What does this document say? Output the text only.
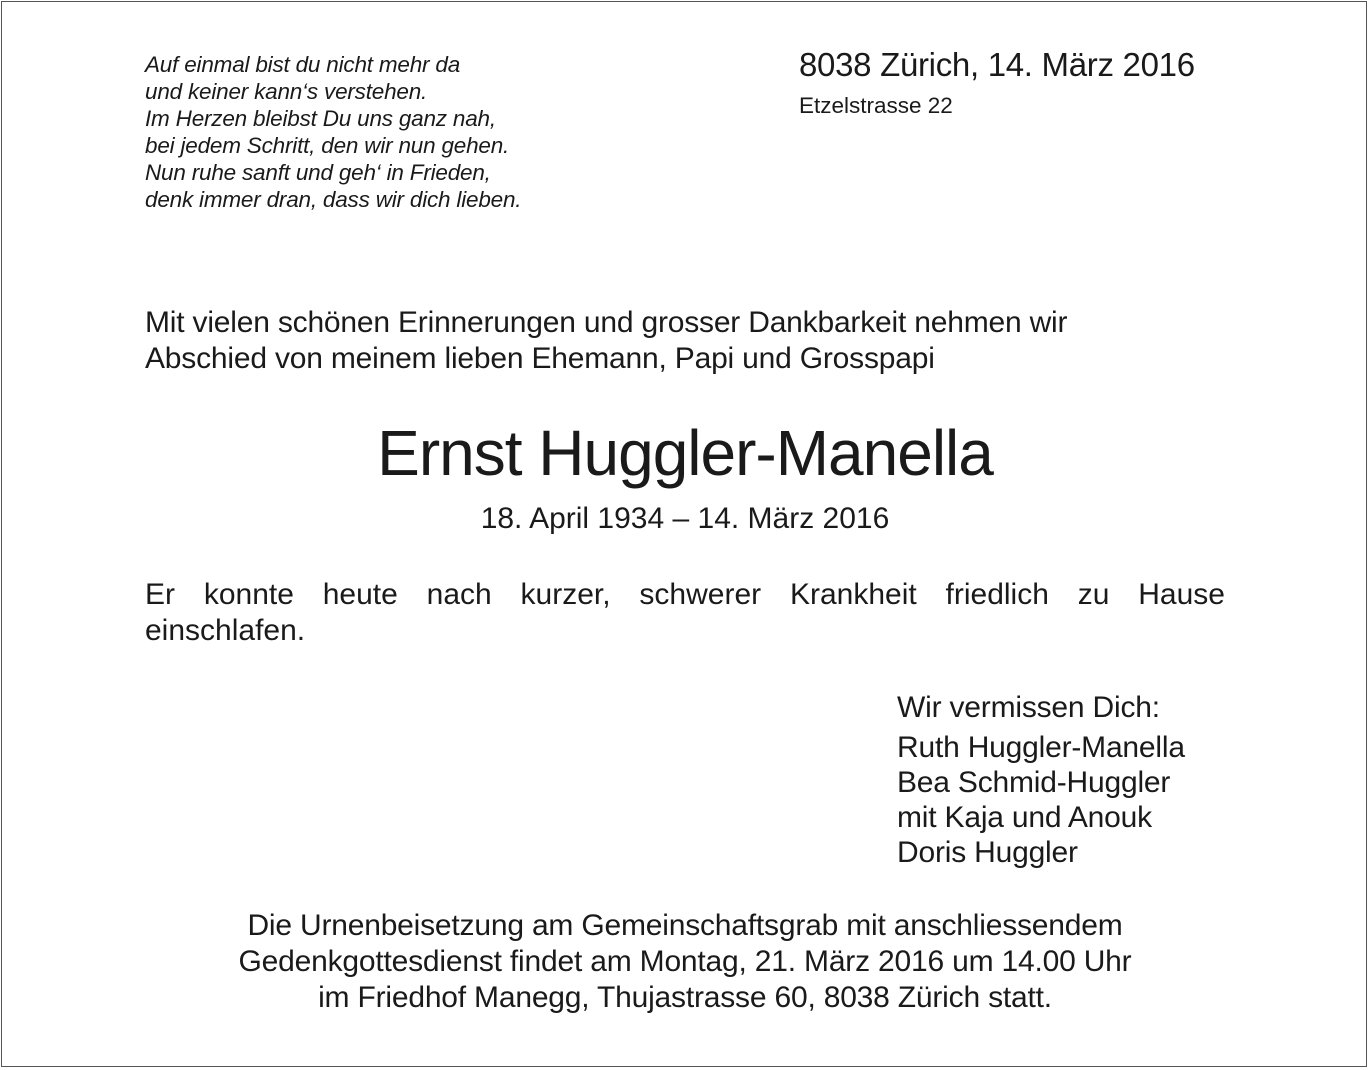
Auf einmal bist du nicht mehr da
und keiner kann‘s verstehen.
Im Herzen bleibst Du uns ganz nah,
bei jedem Schritt, den wir nun gehen.
Nun ruhe sanft und geh‘ in Frieden,
denk immer dran, dass wir dich lieben.
8038 Zürich, 14. März 2016
Etzelstrasse 22
Mit vielen schönen Erinnerungen und grosser Dankbarkeit nehmen wir
Abschied von meinem lieben Ehemann, Papi und Grosspapi
Ernst Huggler-Manella
18. April 1934 – 14. März 2016
Er konnte heute nach kurzer, schwerer Krankheit friedlich zu Hause
einschlafen.
Wir vermissen Dich:
Ruth Huggler-Manella
Bea Schmid-Huggler
mit Kaja und Anouk
Doris Huggler
Die Urnenbeisetzung am Gemeinschaftsgrab mit anschliessendem
Gedenkgottesdienst findet am Montag, 21. März 2016 um 14.00 Uhr
im Friedhof Manegg, Thujastrasse 60, 8038 Zürich statt.
